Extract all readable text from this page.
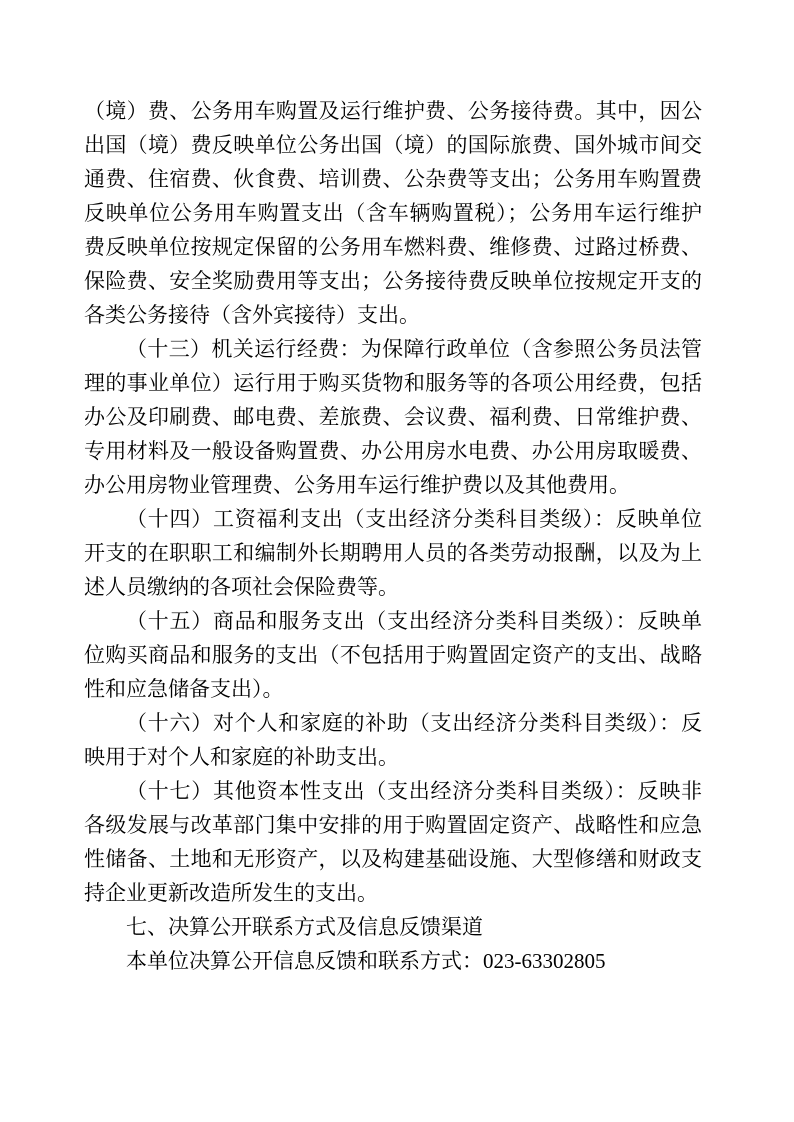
（境）费、公务用车购置及运行维护费、公务接待费。其中，因公出国（境）费反映单位公务出国（境）的国际旅费、国外城市间交通费、住宿费、伙食费、培训费、公杂费等支出；公务用车购置费反映单位公务用车购置支出（含车辆购置税）；公务用车运行维护费反映单位按规定保留的公务用车燃料费、维修费、过路过桥费、保险费、安全奖励费用等支出；公务接待费反映单位按规定开支的各类公务接待（含外宾接待）支出。

（十三）机关运行经费：为保障行政单位（含参照公务员法管理的事业单位）运行用于购买货物和服务等的各项公用经费，包括办公及印刷费、邮电费、差旅费、会议费、福利费、日常维护费、专用材料及一般设备购置费、办公用房水电费、办公用房取暖费、办公用房物业管理费、公务用车运行维护费以及其他费用。

（十四）工资福利支出（支出经济分类科目类级）：反映单位开支的在职职工和编制外长期聘用人员的各类劳动报酬，以及为上述人员缴纳的各项社会保险费等。

（十五）商品和服务支出（支出经济分类科目类级）：反映单位购买商品和服务的支出（不包括用于购置固定资产的支出、战略性和应急储备支出）。

（十六）对个人和家庭的补助（支出经济分类科目类级）：反映用于对个人和家庭的补助支出。

（十七）其他资本性支出（支出经济分类科目类级）：反映非各级发展与改革部门集中安排的用于购置固定资产、战略性和应急性储备、土地和无形资产，以及构建基础设施、大型修缮和财政支持企业更新改造所发生的支出。

七、决算公开联系方式及信息反馈渠道

本单位决算公开信息反馈和联系方式：023-63302805
